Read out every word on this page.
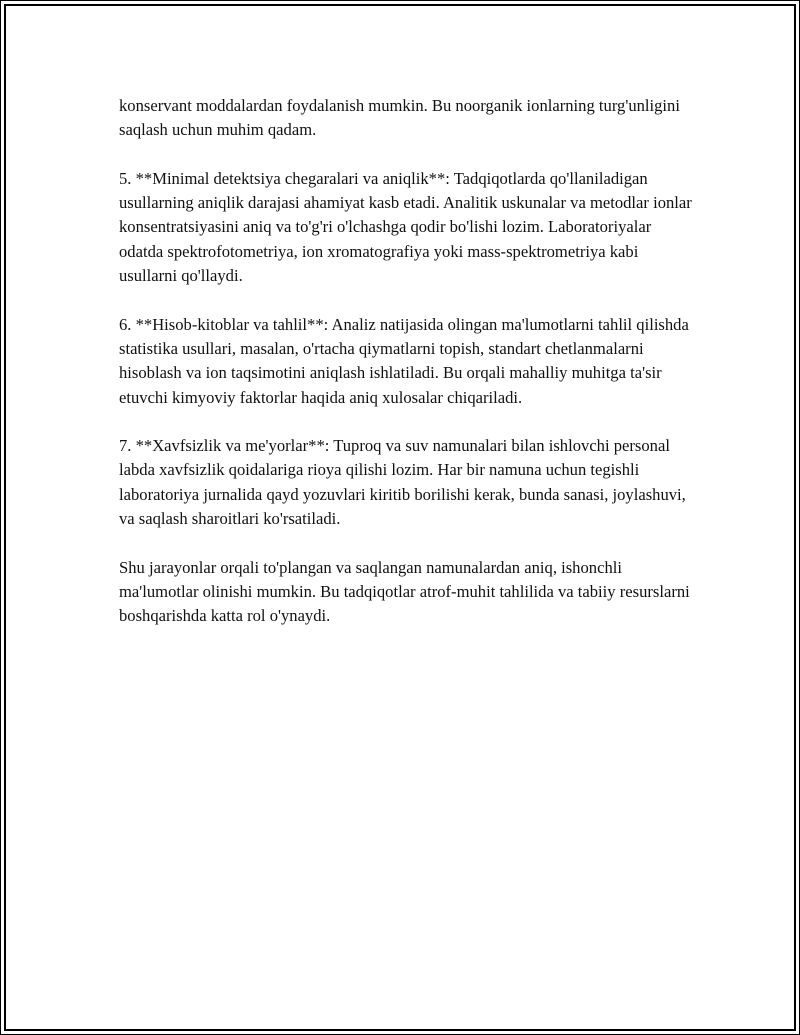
konservant moddalardan foydalanish mumkin. Bu noorganik ionlarning turg'unligini saqlash uchun muhim qadam.

5. **Minimal detektsiya chegaralari va aniqlik**: Tadqiqotlarda qo'llaniladigan usullarning aniqlik darajasi ahamiyat kasb etadi. Analitik uskunalar va metodlar ionlar konsentratsiyasini aniq va to'g'ri o'lchashga qodir bo'lishi lozim. Laboratoriyalar odatda spektrofotometriya, ion xromatografiya yoki mass-spektrometriya kabi usullarni qo'llaydi.

6. **Hisob-kitoblar va tahlil**: Analiz natijasida olingan ma'lumotlarni tahlil qilishda statistika usullari, masalan, o'rtacha qiymatlarni topish, standart chetlanmalarni hisoblash va ion taqsimotini aniqlash ishlatiladi. Bu orqali mahalliy muhitga ta'sir etuvchi kimyoviy faktorlar haqida aniq xulosalar chiqariladi.

7. **Xavfsizlik va me'yorlar**: Tuproq va suv namunalari bilan ishlovchi personal labda xavfsizlik qoidalariga rioya qilishi lozim. Har bir namuna uchun tegishli laboratoriya jurnalida qayd yozuvlari kiritib borilishi kerak, bunda sanasi, joylashuvi, va saqlash sharoitlari ko'rsatiladi.

Shu jarayonlar orqali to'plangan va saqlangan namunalardan aniq, ishonchli ma'lumotlar olinishi mumkin. Bu tadqiqotlar atrof-muhit tahlilida va tabiiy resurslarni boshqarishda katta rol o'ynaydi.
